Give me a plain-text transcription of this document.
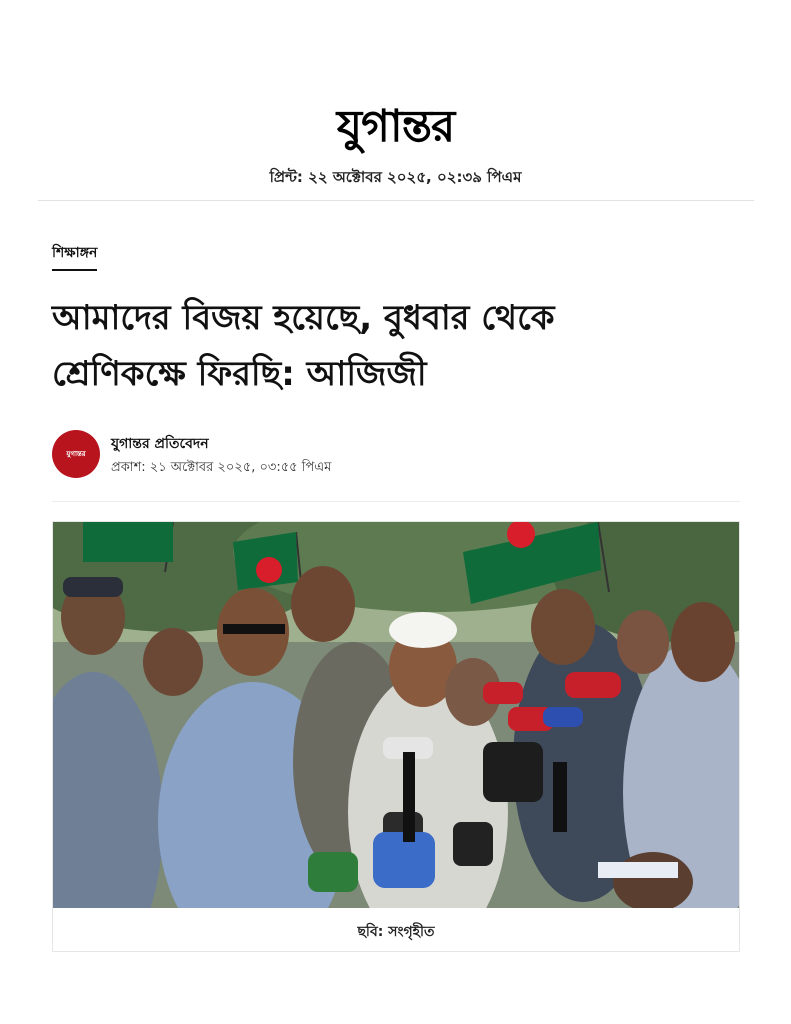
যুগান্তর
প্রিন্ট: ২২ অক্টোবর ২০২৫, ০২:৩৯ পিএম
শিক্ষাঙ্গন
আমাদের বিজয় হয়েছে, বুধবার থেকে
শ্রেণিকক্ষে ফিরছি: আজিজী
যুগান্তর
যুগান্তর প্রতিবেদন
প্রকাশ: ২১ অক্টোবর ২০২৫, ০৩:৫৫ পিএম
ছবি: সংগৃহীত
